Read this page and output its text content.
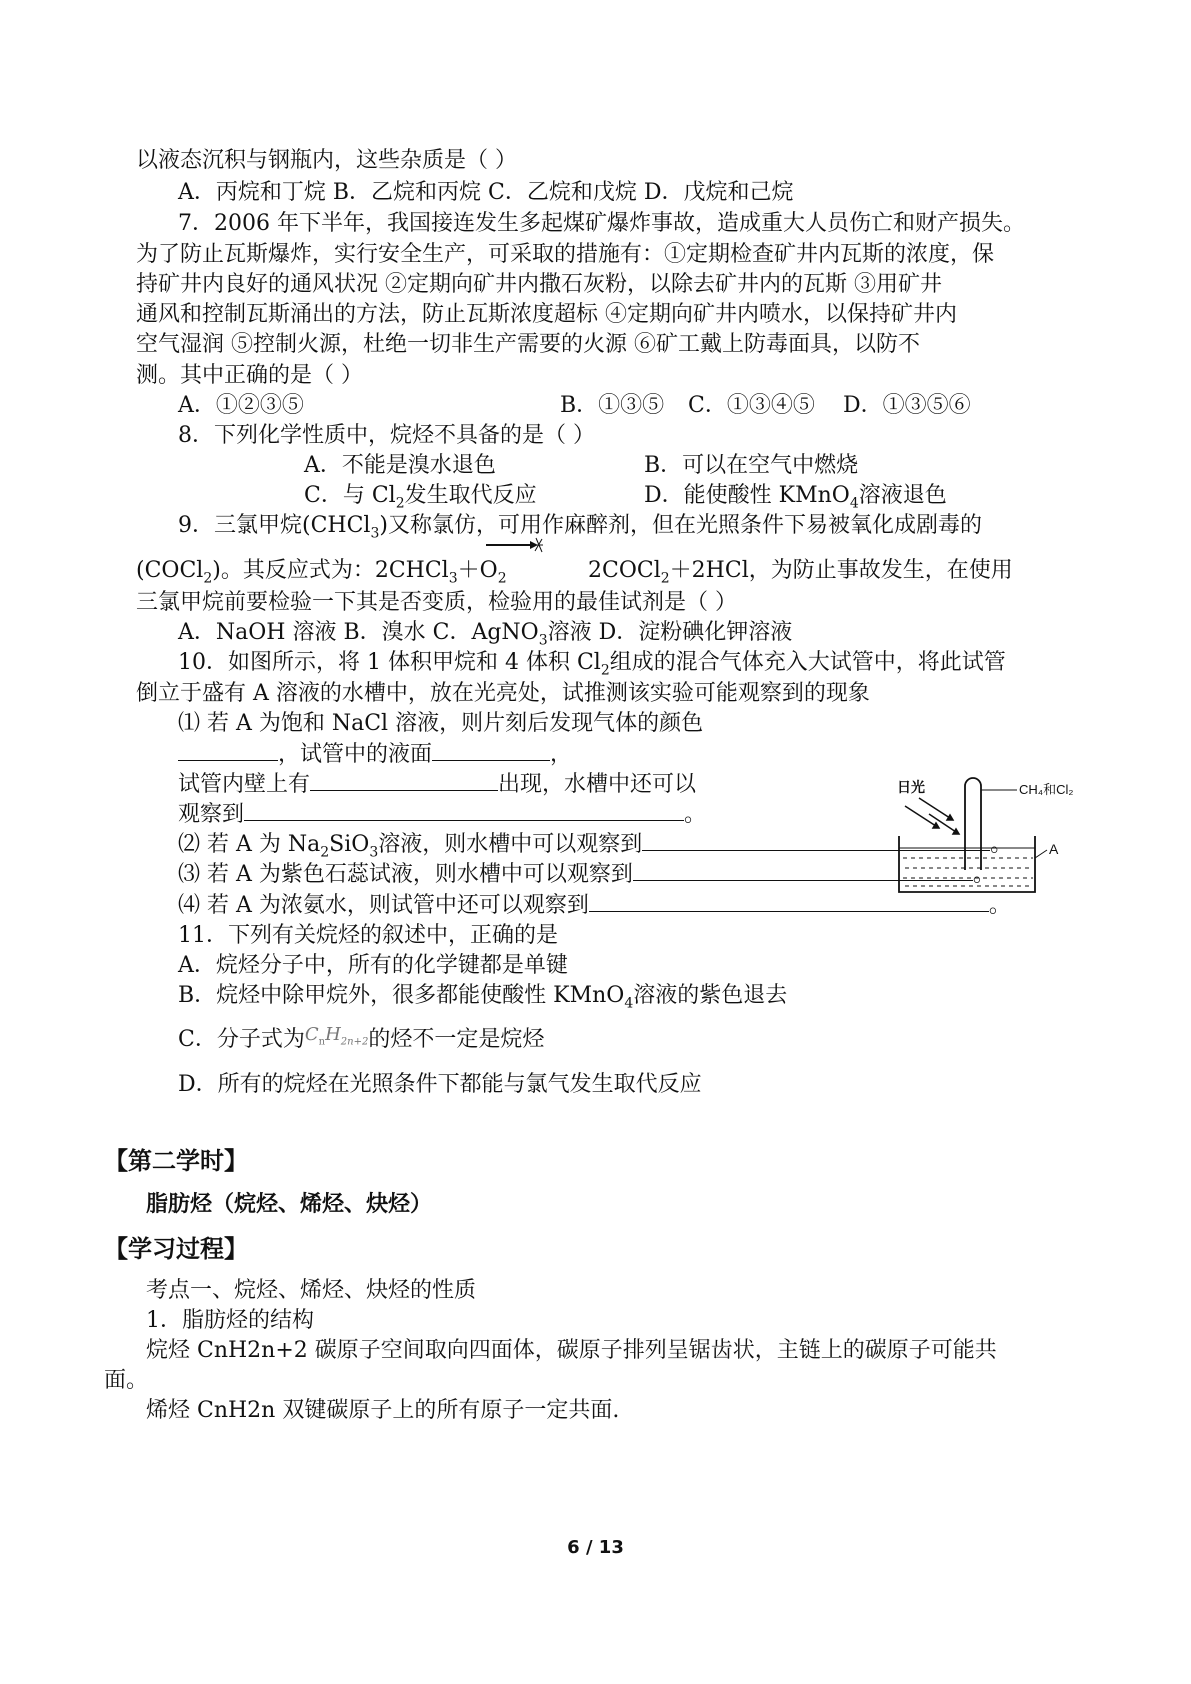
以液态沉积与钢瓶内，这些杂质是（ ）
A．丙烷和丁烷 B．乙烷和丙烷 C．乙烷和戊烷 D．戊烷和己烷
7．2006 年下半年，我国接连发生多起煤矿爆炸事故，造成重大人员伤亡和财产损失。
为了防止瓦斯爆炸，实行安全生产，可采取的措施有：①定期检查矿井内瓦斯的浓度，保
持矿井内良好的通风状况 ②定期向矿井内撒石灰粉，以除去矿井内的瓦斯 ③用矿井
通风和控制瓦斯涌出的方法，防止瓦斯浓度超标 ④定期向矿井内喷水，以保持矿井内
空气湿润 ⑤控制火源，杜绝一切非生产需要的火源 ⑥矿工戴上防毒面具，以防不
测。其中正确的是（ ）
A．①②③⑤	B．①③⑤ C．①③④⑤ D．①③⑤⑥
8．下列化学性质中，烷烃不具备的是（ ）
A．不能是溴水退色	B．可以在空气中燃烧
C．与 $Cl_2$发生取代反应	D．能使酸性 KMnO$_4$溶液退色
9．三氯甲烷(CHCl$_3$)又称氯仿，可用作麻醉剂，但在光照条件下易被氧化成剧毒的
(COCl$_2$)。其反应式为：$2CHCl_3+O_2$	2COCl$_2$＋2HCl，为防止事故发生，在使用
三氯甲烷前要检验一下其是否变质，检验用的最佳试剂是（ ）
A．NaOH 溶液 B．溴水 C．AgNO$_3$溶液 D．淀粉碘化钾溶液
10．如图所示，将 1 体积甲烷和 4 体积 $Cl_2$组成的混合气体充入大试管中，将此试管
倒立于盛有 A 溶液的水槽中，放在光亮处，试推测该实验可能观察到的现象
⑴ 若 A 为饱和 NaCl 溶液，则片刻后发现气体的颜色
，试管中的液面	，
试管内壁上有	出现，水槽中还可以
观察到	。
⑵ 若 A 为 $Na_2SiO_3$溶液，则水槽中可以观察到	。
⑶ 若 A 为紫色石蕊试液，则水槽中可以观察到	。
⑷ 若 A 为浓氨水，则试管中还可以观察到	。
日光	CH₄和Cl₂
A
11．下列有关烷烃的叙述中，正确的是
A．烷烃分子中，所有的化学键都是单键
B．烷烃中除甲烷外，很多都能使酸性 KMnO$_4$溶液的紫色退去
C．分子式为$^{C_nH_{2n+2}}$的烃不一定是烷烃
D．所有的烷烃在光照条件下都能与氯气发生取代反应
【第二学时】
脂肪烃（烷烃、烯烃、炔烃）
【学习过程】
考点一、烷烃、烯烃、炔烃的性质
1．脂肪烃的结构
烷烃 CnH2n+2 碳原子空间取向四面体，碳原子排列呈锯齿状，主链上的碳原子可能共
面。
烯烃 CnH2n 双键碳原子上的所有原子一定共面.
6 / 13
